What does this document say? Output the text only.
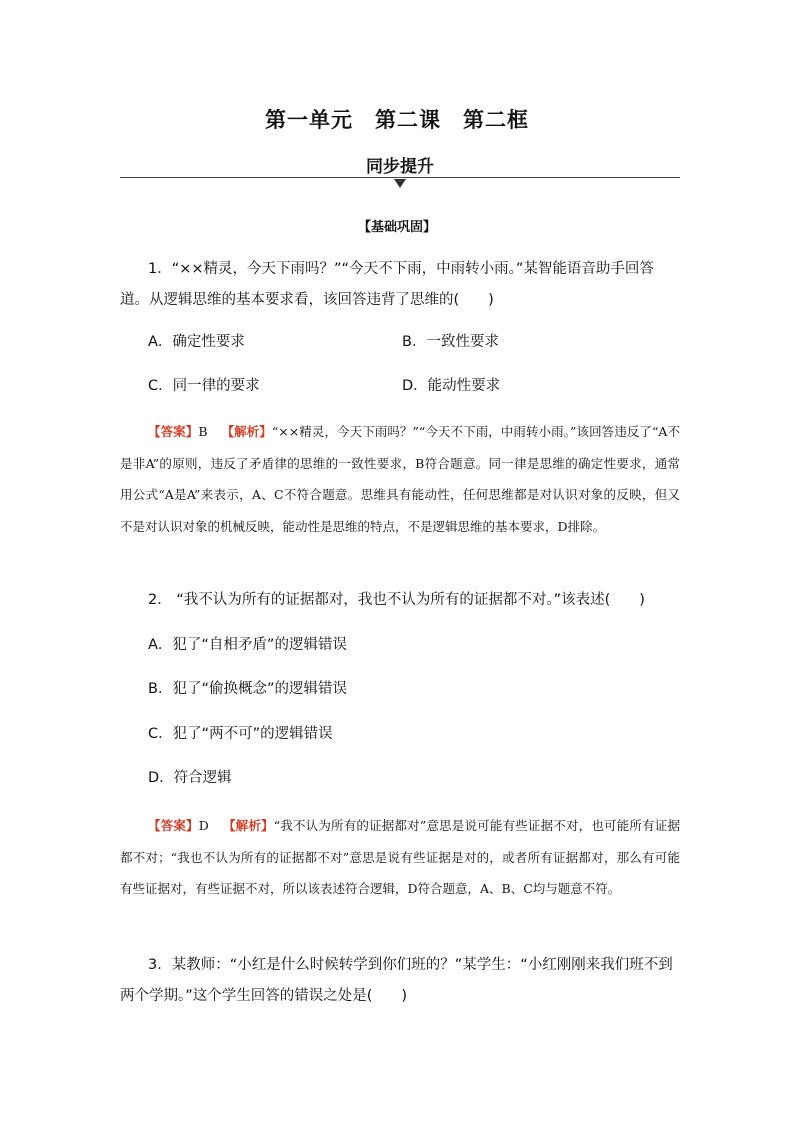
第一单元　第二课　第二框
同步提升
【基础巩固】

1．“××精灵，今天下雨吗？”“今天不下雨，中雨转小雨。”某智能语音助手回答道。从逻辑思维的基本要求看，该回答违背了思维的(　　)

A．确定性要求	B．一致性要求
C．同一律的要求	D．能动性要求
【答案】B 【解析】“××精灵，今天下雨吗？”“今天不下雨，中雨转小雨。”该回答违反了“A不是非A”的原则，违反了矛盾律的思维的一致性要求，B符合题意。同一律是思维的确定性要求，通常用公式“A是A”来表示，A、C不符合题意。思维具有能动性，任何思维都是对认识对象的反映，但又不是对认识对象的机械反映，能动性是思维的特点，不是逻辑思维的基本要求，D排除。

2． “我不认为所有的证据都对，我也不认为所有的证据都不对。”该表述(　　)

A．犯了“自相矛盾”的逻辑错误
B．犯了“偷换概念”的逻辑错误
C．犯了“两不可”的逻辑错误
D．符合逻辑
【答案】D 【解析】“我不认为所有的证据都对”意思是说可能有些证据不对，也可能所有证据都不对；“我也不认为所有的证据都不对”意思是说有些证据是对的，或者所有证据都对，那么有可能有些证据对，有些证据不对，所以该表述符合逻辑，D符合题意，A、B、C均与题意不符。

3．某教师：“小红是什么时候转学到你们班的？”某学生：“小红刚刚来我们班不到两个学期。”这个学生回答的错误之处是(　　)
